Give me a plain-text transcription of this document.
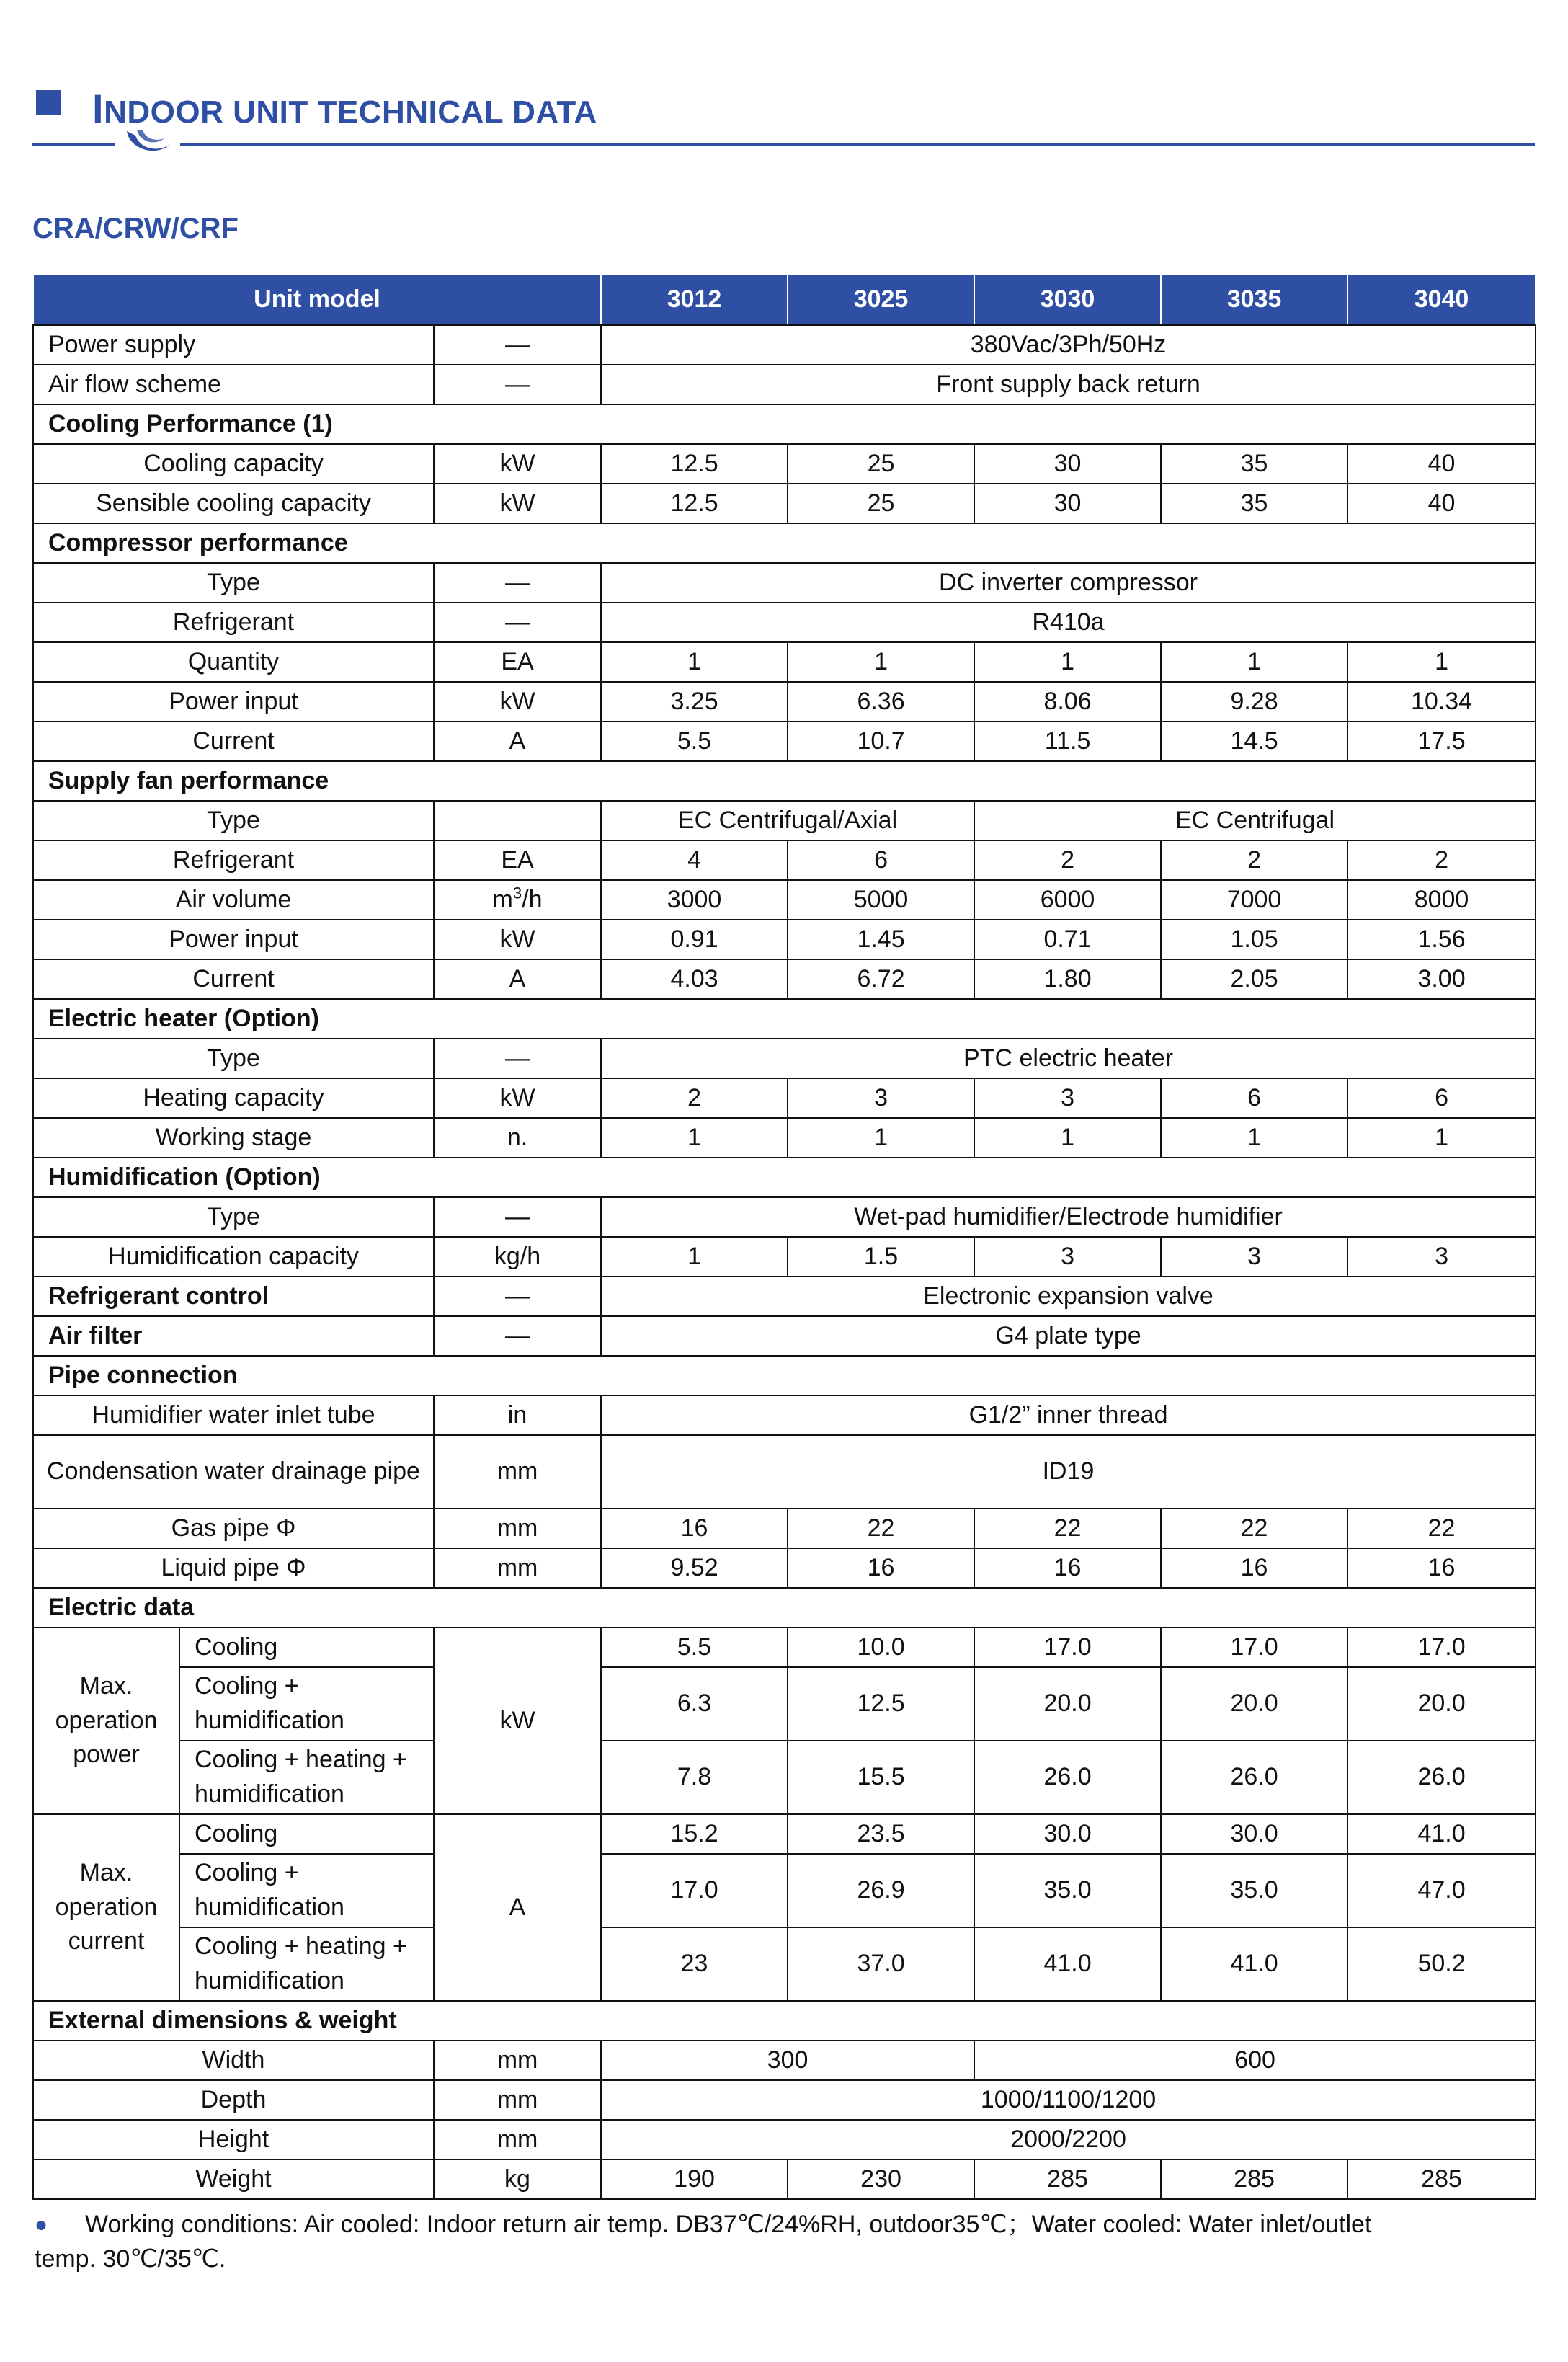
INDOOR UNIT TECHNICAL DATA
CRA/CRW/CRF
Unit model			3012	3025	3030	3035	3040
Power supply		—	380Vac/3Ph/50Hz				
Air flow scheme		—	Front supply back return				
Cooling Performance (1)							
Cooling capacity		kW	12.5	25	30	35	40
Sensible cooling capacity		kW	12.5	25	30	35	40
Compressor performance							
Type		—	DC inverter compressor				
Refrigerant		—	R410a				
Quantity		EA	1	1	1	1	1
Power input		kW	3.25	6.36	8.06	9.28	10.34
Current		A	5.5	10.7	11.5	14.5	17.5
Supply fan performance							
Type			EC Centrifugal/Axial		EC Centrifugal		
Refrigerant		EA	4	6	2	2	2
Air volume		$m^3/h$	3000	5000	6000	7000	8000
Power input		kW	0.91	1.45	0.71	1.05	1.56
Current		A	4.03	6.72	1.80	2.05	3.00
Electric heater (Option)							
Type		—	PTC electric heater				
Heating capacity		kW	2	3	3	6	6
Working stage		n.	1	1	1	1	1
Humidification (Option)							
Type		—	Wet-pad humidifier/Electrode humidifier				
Humidification capacity		kg/h	1	1.5	3	3	3
Refrigerant control		—	Electronic expansion valve				
Air filter		—	G4 plate type				
Pipe connection							
Humidifier water inlet tube		in	G1/2” inner thread				
Condensation water drainage pipe		mm	ID19				
Gas pipe Φ		mm	16	22	22	22	22
Liquid pipe Φ		mm	9.52	16	16	16	16
Electric data							
Max. operation power	Cooling	kW	5.5	10.0	17.0	17.0	17.0
	Cooling + humidification		6.3	12.5	20.0	20.0	20.0
	Cooling + heating + humidification		7.8	15.5	26.0	26.0	26.0
Max. operation current	Cooling	A	15.2	23.5	30.0	30.0	41.0
	Cooling + humidification		17.0	26.9	35.0	35.0	47.0
	Cooling + heating + humidification		23	37.0	41.0	41.0	50.2
External dimensions & weight							
Width		mm	300		600		
Depth		mm	1000/1100/1200				
Height		mm	2000/2200				
Weight		kg	190	230	285	285	285
● Working conditions: Air cooled: Indoor return air temp. DB37℃/24%RH, outdoor35℃；Water cooled: Water inlet/outlet
temp. 30℃/35℃.
